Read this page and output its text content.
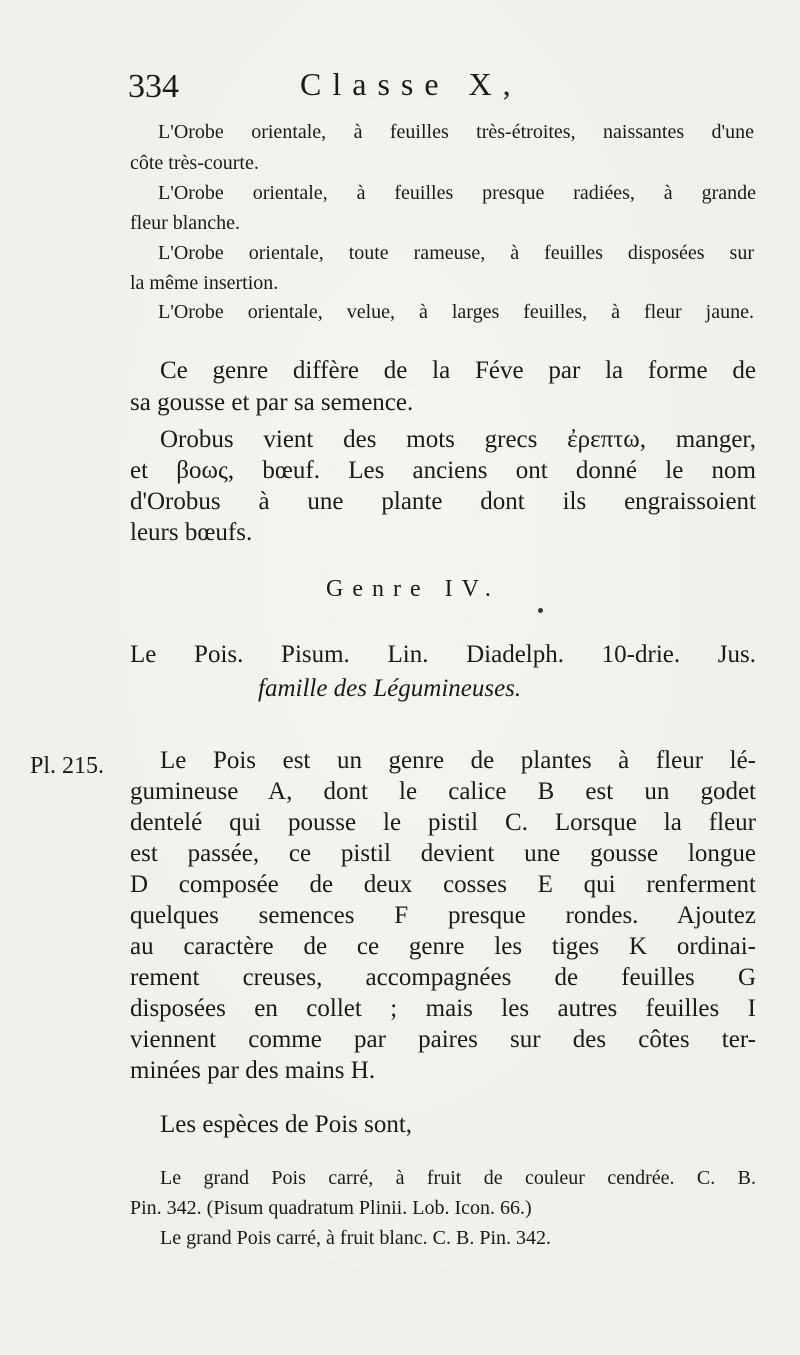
334	Classe X,
L'Orobe orientale, à feuilles très-étroites, naissantes d'une
côte très-courte.
L'Orobe orientale, à feuilles presque radiées, à grande
fleur blanche.
L'Orobe orientale, toute rameuse, à feuilles disposées sur
la même insertion.
L'Orobe orientale, velue, à larges feuilles, à fleur jaune.
Ce genre diffère de la Féve par la forme de
sa gousse et par sa semence.
Orobus vient des mots grecs ἐρεπτω, manger,
et βοως, bœuf. Les anciens ont donné le nom
d'Orobus à une plante dont ils engraissoient
leurs bœufs.
Genre IV.
Le Pois. Pisum. Lin. Diadelph. 10-drie. Jus.
famille des Légumineuses.
Pl. 215. Le Pois est un genre de plantes à fleur lé-
gumineuse A, dont le calice B est un godet
dentelé qui pousse le pistil C. Lorsque la fleur
est passée, ce pistil devient une gousse longue
D composée de deux cosses E qui renferment
quelques semences F presque rondes. Ajoutez
au caractère de ce genre les tiges K ordinai-
rement creuses, accompagnées de feuilles G
disposées en collet ; mais les autres feuilles I
viennent comme par paires sur des côtes ter-
minées par des mains H.
Les espèces de Pois sont,
Le grand Pois carré, à fruit de couleur cendrée. C. B.
Pin. 342. (Pisum quadratum Plinii. Lob. Icon. 66.)
Le grand Pois carré, à fruit blanc. C. B. Pin. 342.
